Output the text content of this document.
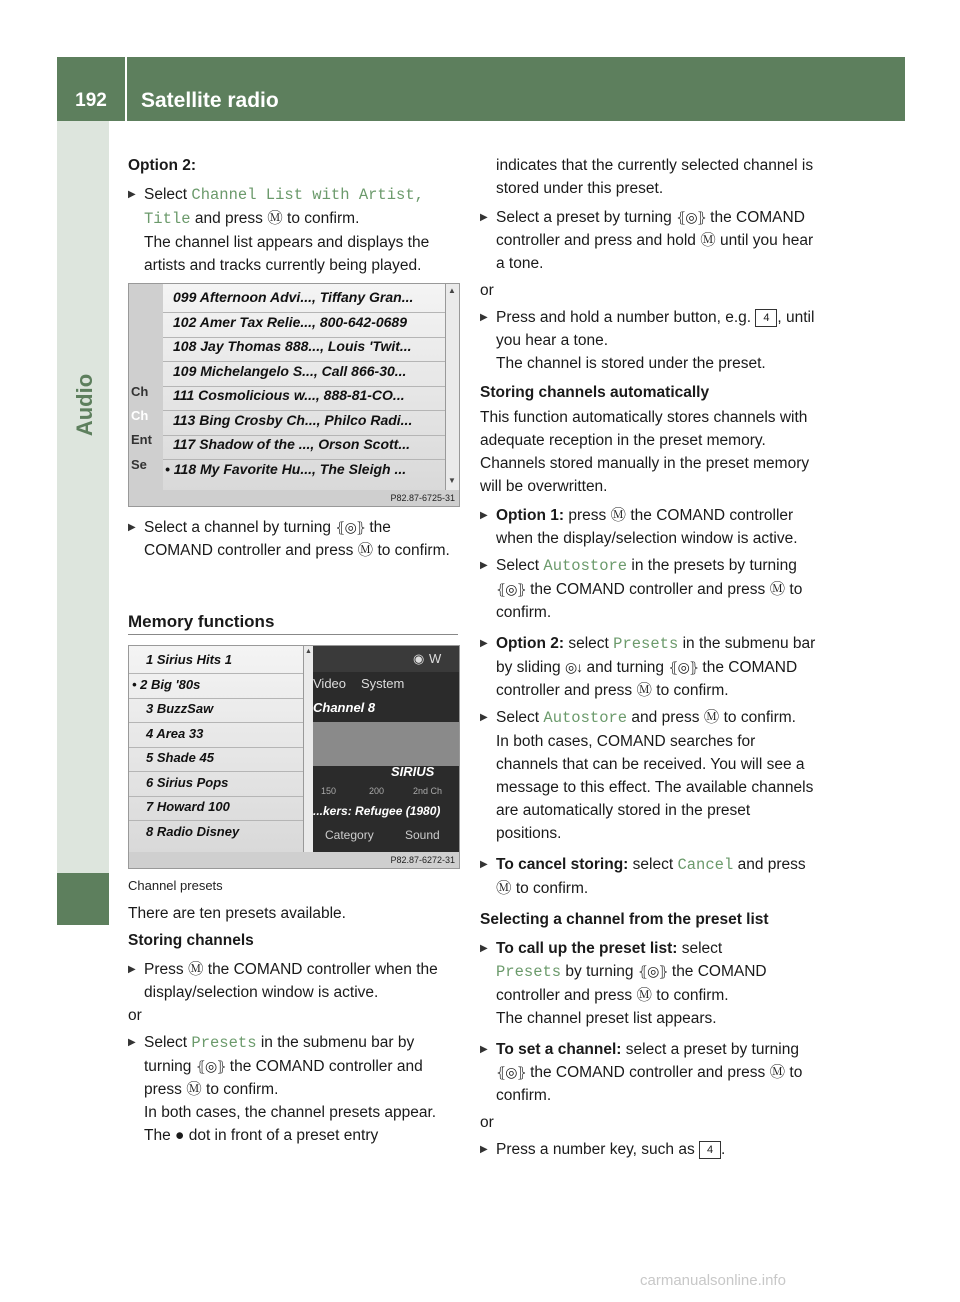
192	Satellite radio
Audio

Option 2:

▶ Select Channel List with Artist,
Title and press Ⓜ to confirm.
The channel list appears and displays the artists and tracks currently being played.

Ch
Ch
Ent
Se
099 Afternoon Advi..., Tiffany Gran...
102 Amer Tax Relie..., 800-642-0689
108 Jay Thomas 888..., Louis 'Twit...
109 Michelangelo S..., Call 866-30...
111 Cosmolicious w..., 888-81-CO...
113 Bing Crosby Ch..., Philco Radi...
117 Shadow of the ..., Orson Scott...
• 118 My Favorite Hu..., The Sleigh ...
▲
▼
P82.87-6725-31

▶ Select a channel by turning ⦃◎⦄ the COMAND controller and press Ⓜ to confirm.

Memory functions
1 Sirius Hits 1
• 2 Big '80s
3 BuzzSaw
4 Area 33
5 Shade 45
6 Sirius Pops
7 Howard 100
8 Radio Disney
▲	◉ W
Video System
Channel 8
SIRIUS
150	200	2nd Ch
...kers: Refugee (1980)
Category	Sound
P82.87-6272-31
Channel presets

There are ten presets available.

Storing channels

▶ Press Ⓜ the COMAND controller when the display/selection window is active.

or

▶ Select Presets in the submenu bar by turning ⦃◎⦄ the COMAND controller and press Ⓜ to confirm.
In both cases, the channel presets appear.
The ● dot in front of a preset entry

indicates that the currently selected channel is stored under this preset.

▶ Select a preset by turning ⦃◎⦄ the COMAND controller and press and hold Ⓜ until you hear a tone.

or

▶ Press and hold a number button, e.g. 4 , until you hear a tone.
The channel is stored under the preset.

Storing channels automatically

This function automatically stores channels with adequate reception in the preset memory. Channels stored manually in the preset memory will be overwritten.

▶ Option 1: press Ⓜ the COMAND controller when the display/selection window is active.

▶ Select Autostore in the presets by turning ⦃◎⦄ the COMAND controller and press Ⓜ to confirm.

▶ Option 2: select Presets in the submenu bar by sliding ◎↓ and turning ⦃◎⦄ the COMAND controller and press Ⓜ to confirm.

▶ Select Autostore and press Ⓜ to confirm.
In both cases, COMAND searches for channels that can be received. You will see a message to this effect. The available channels are automatically stored in the preset positions.

▶ To cancel storing: select Cancel and press Ⓜ to confirm.

Selecting a channel from the preset list

▶ To call up the preset list: select
Presets by turning ⦃◎⦄ the COMAND controller and press Ⓜ to confirm.
The channel preset list appears.

▶ To set a channel: select a preset by turning ⦃◎⦄ the COMAND controller and press Ⓜ to confirm.

or

▶ Press a number key, such as 4 .

carmanualsonline.info
